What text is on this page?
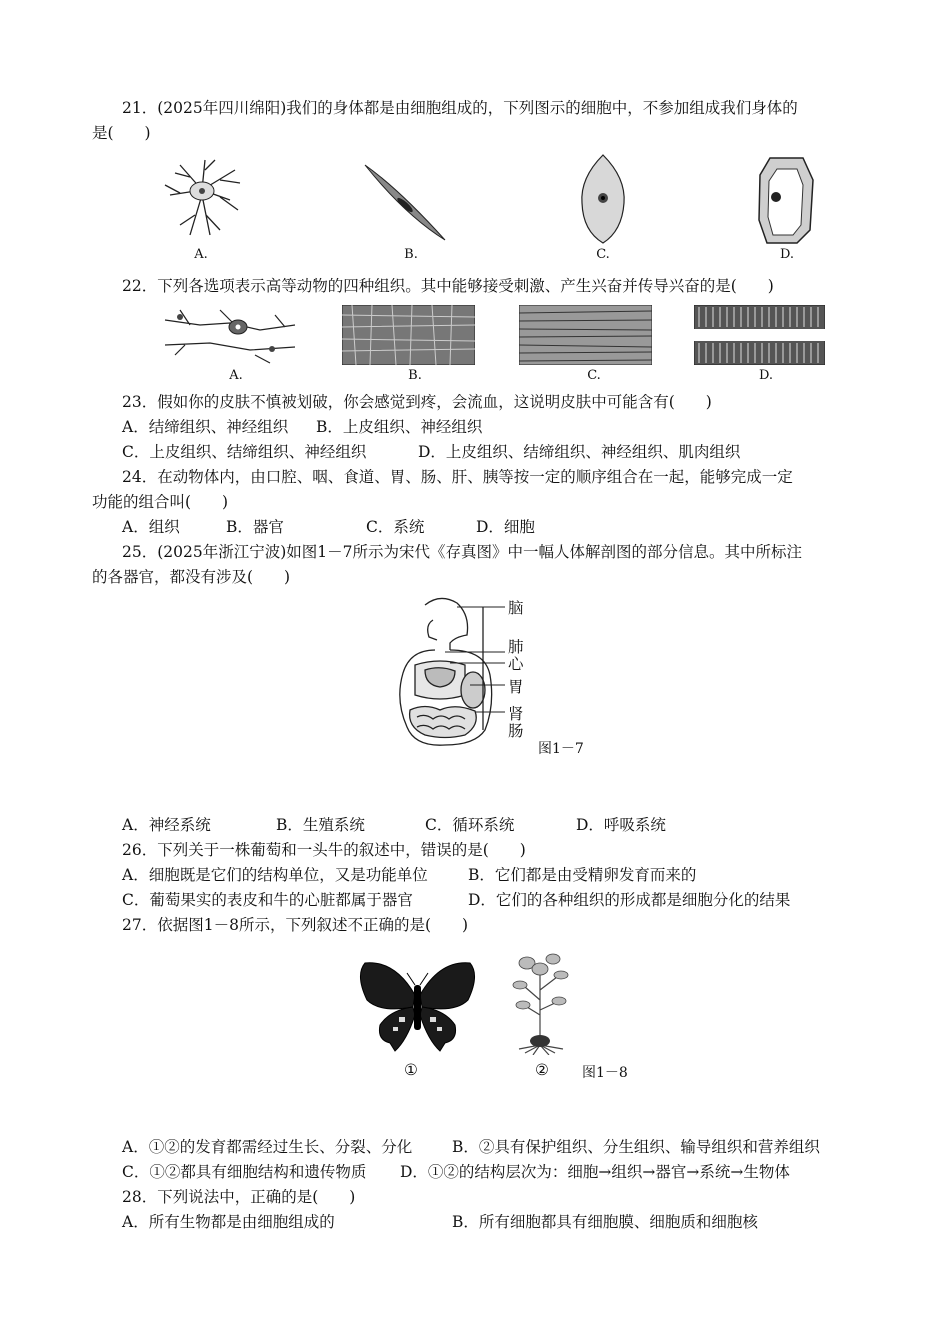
21．(2025年四川绵阳)我们的身体都是由细胞组成的，下列图示的细胞中，不参加组成我们身体的
是(　　)
A.	B.	C.	D.
22．下列各选项表示高等动物的四种组织。其中能够接受刺激、产生兴奋并传导兴奋的是(　　)
A.	B.	C.	D.
23．假如你的皮肤不慎被划破，你会感觉到疼，会流血，这说明皮肤中可能含有(　　)
A．结缔组织、神经组织 B．上皮组织、神经组织
C．上皮组织、结缔组织、神经组织	D．上皮组织、结缔组织、神经组织、肌肉组织
24．在动物体内，由口腔、咽、食道、胃、肠、肝、胰等按一定的顺序组合在一起，能够完成一定
功能的组合叫(　　)
A．组织	B．器官	C．系统	D．细胞
25．(2025年浙江宁波)如图1－7所示为宋代《存真图》中一幅人体解剖图的部分信息。其中所标注
的各器官，都没有涉及(　　)
脑
肺
心
胃
肾
肠
图1－7
A．神经系统	B．生殖系统	C．循环系统	D．呼吸系统
26．下列关于一株葡萄和一头牛的叙述中，错误的是(　　)
A．细胞既是它们的结构单位，又是功能单位	B．它们都是由受精卵发育而来的
C．葡萄果实的表皮和牛的心脏都属于器官	D．它们的各种组织的形成都是细胞分化的结果
27．依据图1－8所示，下列叙述不正确的是(　　)
①	② 图1－8
A．①②的发育都需经过生长、分裂、分化	B．②具有保护组织、分生组织、输导组织和营养组织
C．①②都具有细胞结构和遗传物质 D．①②的结构层次为：细胞→组织→器官→系统→生物体
28．下列说法中，正确的是(　　)
A．所有生物都是由细胞组成的	B．所有细胞都具有细胞膜、细胞质和细胞核
